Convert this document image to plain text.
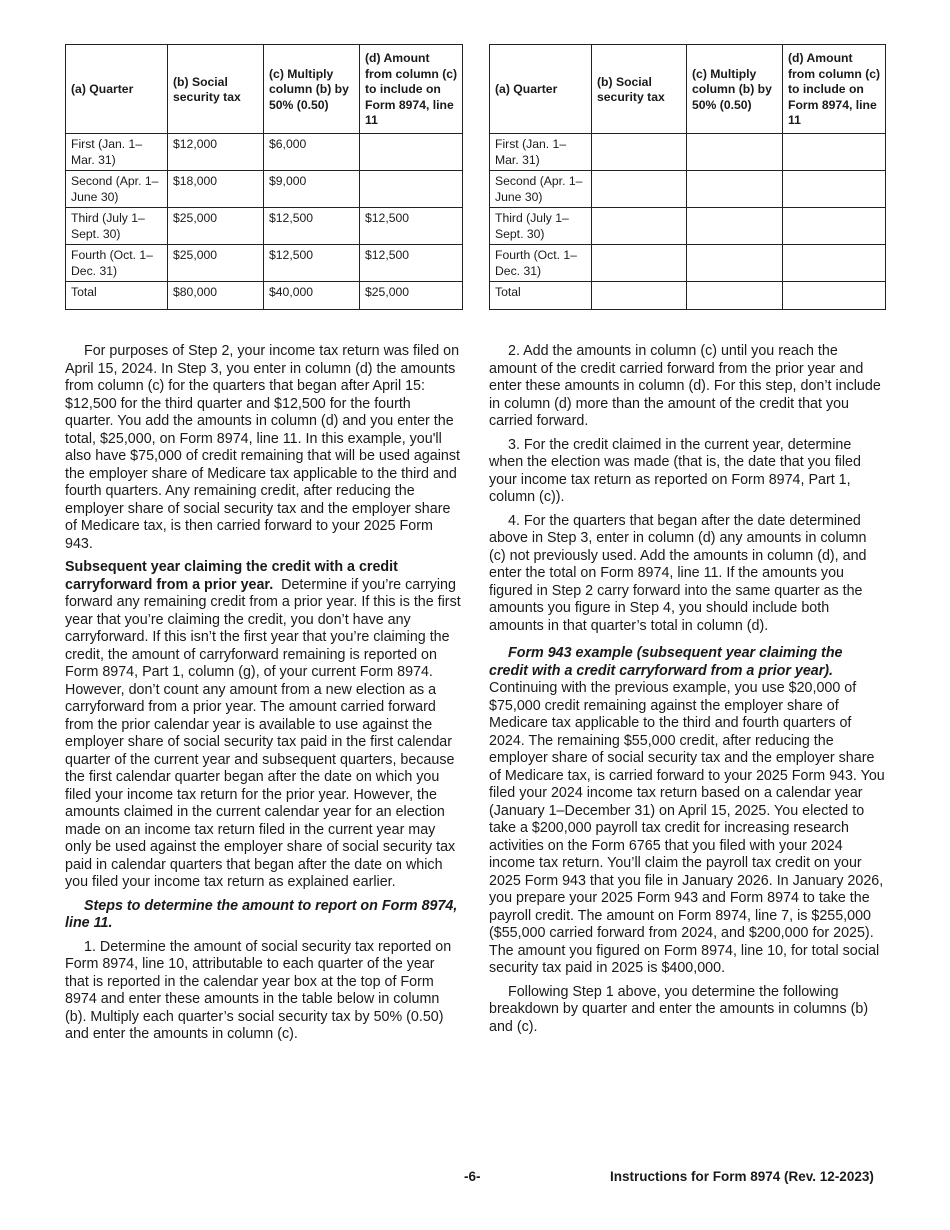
(a) Quarter	(b) Social security tax	(c) Multiply column (b) by 50% (0.50)	(d) Amount from column (c) to include on Form 8974, line 11
First (Jan. 1– Mar. 31)	$12,000	$6,000	
Second (Apr. 1– June 30)	$18,000	$9,000	
Third (July 1– Sept. 30)	$25,000	$12,500	$12,500
Fourth (Oct. 1– Dec. 31)	$25,000	$12,500	$12,500
Total	$80,000	$40,000	$25,000
(a) Quarter	(b) Social security tax	(c) Multiply column (b) by 50% (0.50)	(d) Amount from column (c) to include on Form 8974, line 11
First (Jan. 1– Mar. 31)			
Second (Apr. 1– June 30)			
Third (July 1– Sept. 30)			
Fourth (Oct. 1– Dec. 31)			
Total			

For purposes of Step 2, your income tax return was filed on April 15, 2024. In Step 3, you enter in column (d) the amounts from column (c) for the quarters that began after April 15: $12,500 for the third quarter and $12,500 for the fourth quarter. You add the amounts in column (d) and you enter the total, $25,000, on Form 8974, line 11. In this example, you'll also have $75,000 of credit remaining that will be used against the employer share of Medicare tax applicable to the third and fourth quarters. Any remaining credit, after reducing the employer share of social security tax and the employer share of Medicare tax, is then carried forward to your 2025 Form 943.

Subsequent year claiming the credit with a credit carryforward from a prior year. Determine if you’re carrying forward any remaining credit from a prior year. If this is the first year that you’re claiming the credit, you don’t have any carryforward. If this isn’t the first year that you’re claiming the credit, the amount of carryforward remaining is reported on Form 8974, Part 1, column (g), of your current Form 8974. However, don’t count any amount from a new election as a carryforward from a prior year. The amount carried forward from the prior calendar year is available to use against the employer share of social security tax paid in the first calendar quarter of the current year and subsequent quarters, because the first calendar quarter began after the date on which you filed your income tax return for the prior year. However, the amounts claimed in the current calendar year for an election made on an income tax return filed in the current year may only be used against the employer share of social security tax paid in calendar quarters that began after the date on which you filed your income tax return as explained earlier.

Steps to determine the amount to report on Form 8974, line 11.

1. Determine the amount of social security tax reported on Form 8974, line 10, attributable to each quarter of the year that is reported in the calendar year box at the top of Form 8974 and enter these amounts in the table below in column (b). Multiply each quarter’s social security tax by 50% (0.50) and enter the amounts in column (c).

2. Add the amounts in column (c) until you reach the amount of the credit carried forward from the prior year and enter these amounts in column (d). For this step, don’t include in column (d) more than the amount of the credit that you carried forward.

3. For the credit claimed in the current year, determine when the election was made (that is, the date that you filed your income tax return as reported on Form 8974, Part 1, column (c)).

4. For the quarters that began after the date determined above in Step 3, enter in column (d) any amounts in column (c) not previously used. Add the amounts in column (d), and enter the total on Form 8974, line 11. If the amounts you figured in Step 2 carry forward into the same quarter as the amounts you figure in Step 4, you should include both amounts in that quarter’s total in column (d).

Form 943 example (subsequent year claiming the credit with a credit carryforward from a prior year). Continuing with the previous example, you use $20,000 of $75,000 credit remaining against the employer share of Medicare tax applicable to the third and fourth quarters of 2024. The remaining $55,000 credit, after reducing the employer share of social security tax and the employer share of Medicare tax, is carried forward to your 2025 Form 943. You filed your 2024 income tax return based on a calendar year (January 1–December 31) on April 15, 2025. You elected to take a $200,000 payroll tax credit for increasing research activities on the Form 6765 that you filed with your 2024 income tax return. You’ll claim the payroll tax credit on your 2025 Form 943 that you file in January 2026. In January 2026, you prepare your 2025 Form 943 and Form 8974 to take the payroll credit. The amount on Form 8974, line 7, is $255,000 ($55,000 carried forward from 2024, and $200,000 for 2025). The amount you figured on Form 8974, line 10, for total social security tax paid in 2025 is $400,000.

Following Step 1 above, you determine the following breakdown by quarter and enter the amounts in columns (b) and (c).

-6-	Instructions for Form 8974 (Rev. 12-2023)
